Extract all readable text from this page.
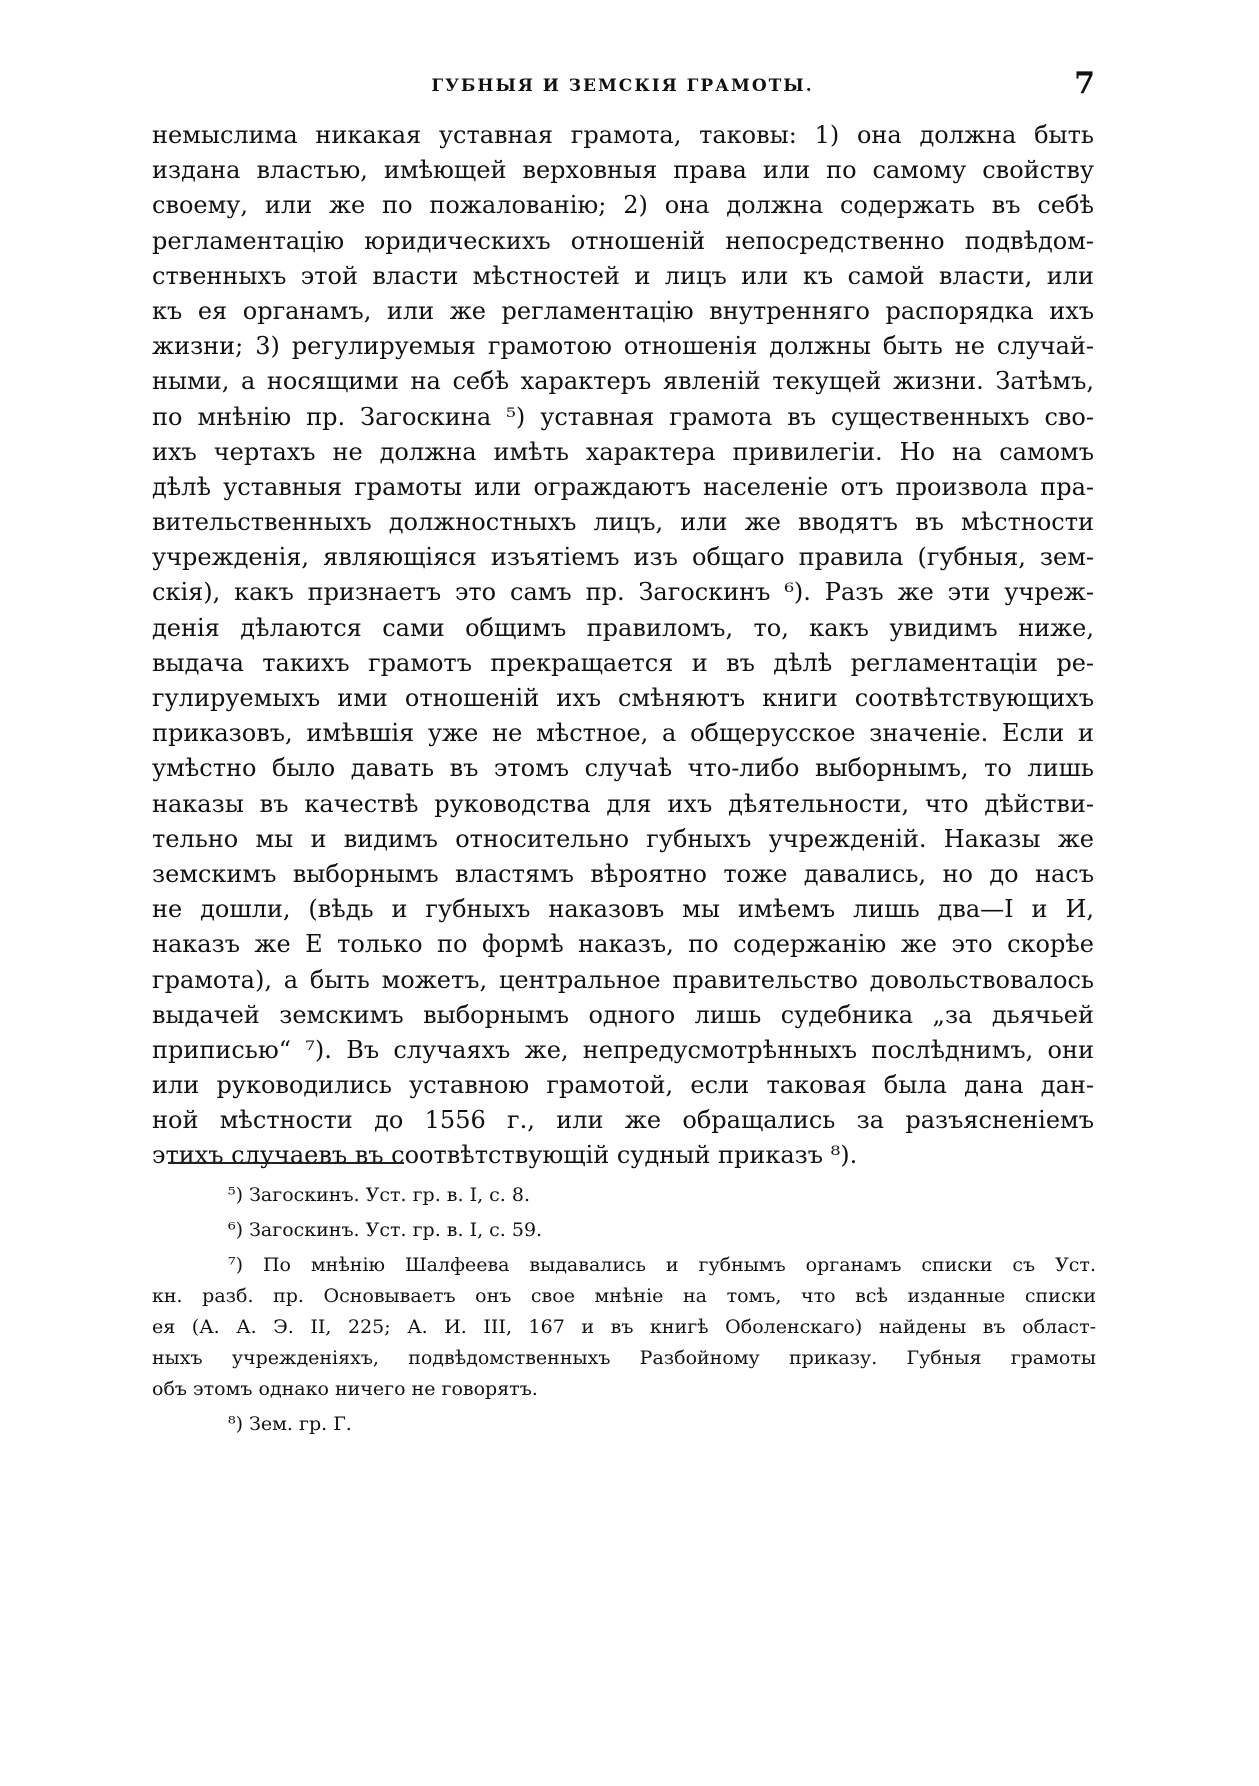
ГУБНЫЯ И ЗЕМСКІЯ ГРАМОТЫ.	7
немыслима никакая уставная грамота, таковы: 1) она должна быть
издана властью, имѣющей верховныя права или по самому свойству
своему, или же по пожалованію; 2) она должна содержать въ себѣ
регламентацію юридическихъ отношеній непосредственно подвѣдом-
ственныхъ этой власти мѣстностей и лицъ или къ самой власти, или
къ ея органамъ, или же регламентацію внутренняго распорядка ихъ
жизни; 3) регулируемыя грамотою отношенія должны быть не случай-
ными, а носящими на себѣ характеръ явленій текущей жизни. Затѣмъ,
по мнѣнію пр. Загоскина ⁵) уставная грамота въ существенныхъ сво-
ихъ чертахъ не должна имѣть характера привилегіи. Но на самомъ
дѣлѣ уставныя грамоты или ограждаютъ населеніе отъ произвола пра-
вительственныхъ должностныхъ лицъ, или же вводятъ въ мѣстности
учрежденія, являющіяся изъятіемъ изъ общаго правила (губныя, зем-
скія), какъ признаетъ это самъ пр. Загоскинъ ⁶). Разъ же эти учреж-
денія дѣлаются сами общимъ правиломъ, то, какъ увидимъ ниже,
выдача такихъ грамотъ прекращается и въ дѣлѣ регламентаціи ре-
гулируемыхъ ими отношеній ихъ смѣняютъ книги соотвѣтствующихъ
приказовъ, имѣвшія уже не мѣстное, а общерусское значеніе. Если и
умѣстно было давать въ этомъ случаѣ что-либо выборнымъ, то лишь
наказы въ качествѣ руководства для ихъ дѣятельности, что дѣйстви-
тельно мы и видимъ относительно губныхъ учрежденій. Наказы же
земскимъ выборнымъ властямъ вѣроятно тоже давались, но до насъ
не дошли, (вѣдь и губныхъ наказовъ мы имѣемъ лишь два—I и И,
наказъ же Е только по формѣ наказъ, по содержанію же это скорѣе
грамота), а быть можетъ, центральное правительство довольствовалось
выдачей земскимъ выборнымъ одного лишь судебника „за дьячьей
приписью“ ⁷). Въ случаяхъ же, непредусмотрѣнныхъ послѣднимъ, они
или руководились уставною грамотой, если таковая была дана дан-
ной мѣстности до 1556 г., или же обращались за разъясненіемъ
этихъ случаевъ въ соотвѣтствующій судный приказъ ⁸).
⁵) Загоскинъ. Уст. гр. в. I, с. 8.
⁶) Загоскинъ. Уст. гр. в. I, с. 59.
⁷) По мнѣнію Шалфеева выдавались и губнымъ органамъ списки съ Уст.
кн. разб. пр. Основываетъ онъ свое мнѣніе на томъ, что всѣ изданные списки
ея (А. А. Э. II, 225; А. И. III, 167 и въ книгѣ Оболенскаго) найдены въ област-
ныхъ учрежденіяхъ, подвѣдомственныхъ Разбойному приказу. Губныя грамоты
объ этомъ однако ничего не говорятъ.
⁸) Зем. гр. Г.
